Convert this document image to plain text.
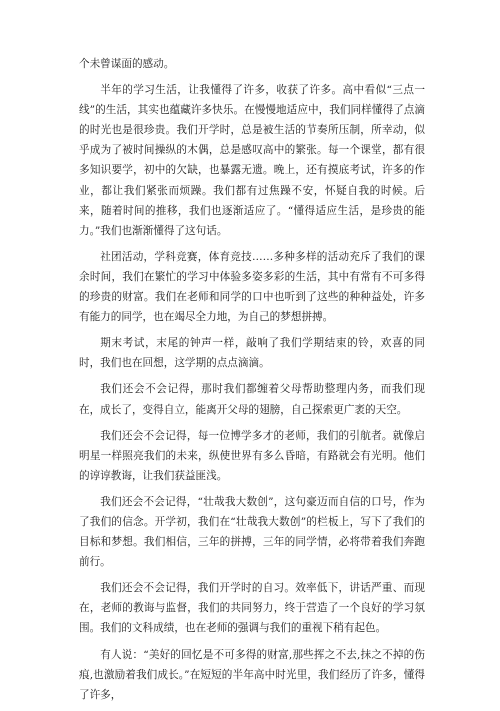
个未曾谋面的感动。

半年的学习生活，让我懂得了许多，收获了许多。高中看似“三点一线”的生活，其实也蕴藏许多快乐。在慢慢地适应中，我们同样懂得了点滴的时光也是很珍贵。我们开学时，总是被生活的节奏所压制，所幸动，似乎成为了被时间操纵的木偶，总是感叹高中的繁张。每一个课堂，都有很多知识要学，初中的欠缺，也暴露无遗。晚上，还有摸底考试，许多的作业，都让我们紧张而烦躁。我们都有过焦躁不安，怀疑自我的时候。后来，随着时间的推移，我们也逐渐适应了。“懂得适应生活，是珍贵的能力。”我们也渐渐懂得了这句话。

社团活动，学科竞赛，体育竞技……多种多样的活动充斥了我们的课余时间，我们在繁忙的学习中体验多姿多彩的生活，其中有常有不可多得的珍贵的财富。我们在老师和同学的口中也听到了这些的种种益处，许多有能力的同学，也在竭尽全力地，为自己的梦想拼搏。

期末考试，末尾的钟声一样，敲响了我们学期结束的铃，欢喜的同时，我们也在回想，这学期的点点滴滴。

我们还会不会记得，那时我们都缠着父母帮助整理内务，而我们现在，成长了，变得自立，能离开父母的翅膀，自己探索更广袤的天空。

我们还会不会记得，每一位博学多才的老师，我们的引航者。就像启明星一样照亮我们的未来，纵使世界有多么昏暗，有路就会有光明。他们的谆谆教诲，让我们获益匪浅。

我们还会不会记得，“壮哉我大数创”，这句豪迈而自信的口号，作为了我们的信念。开学初，我们在“壮哉我大数创”的栏板上，写下了我们的目标和梦想。我们相信，三年的拼搏，三年的同学情，必将带着我们奔跑前行。

我们还会不会记得，我们开学时的自习。效率低下，讲话严重、而现在，老师的教诲与监督，我们的共同努力，终于营造了一个良好的学习氛围。我们的文科成绩，也在老师的强调与我们的重视下稍有起色。

有人说：“美好的回忆是不可多得的财富,那些挥之不去,抹之不掉的伤痕,也激励着我们成长。”在短短的半年高中时光里，我们经历了许多，懂得了许多，
